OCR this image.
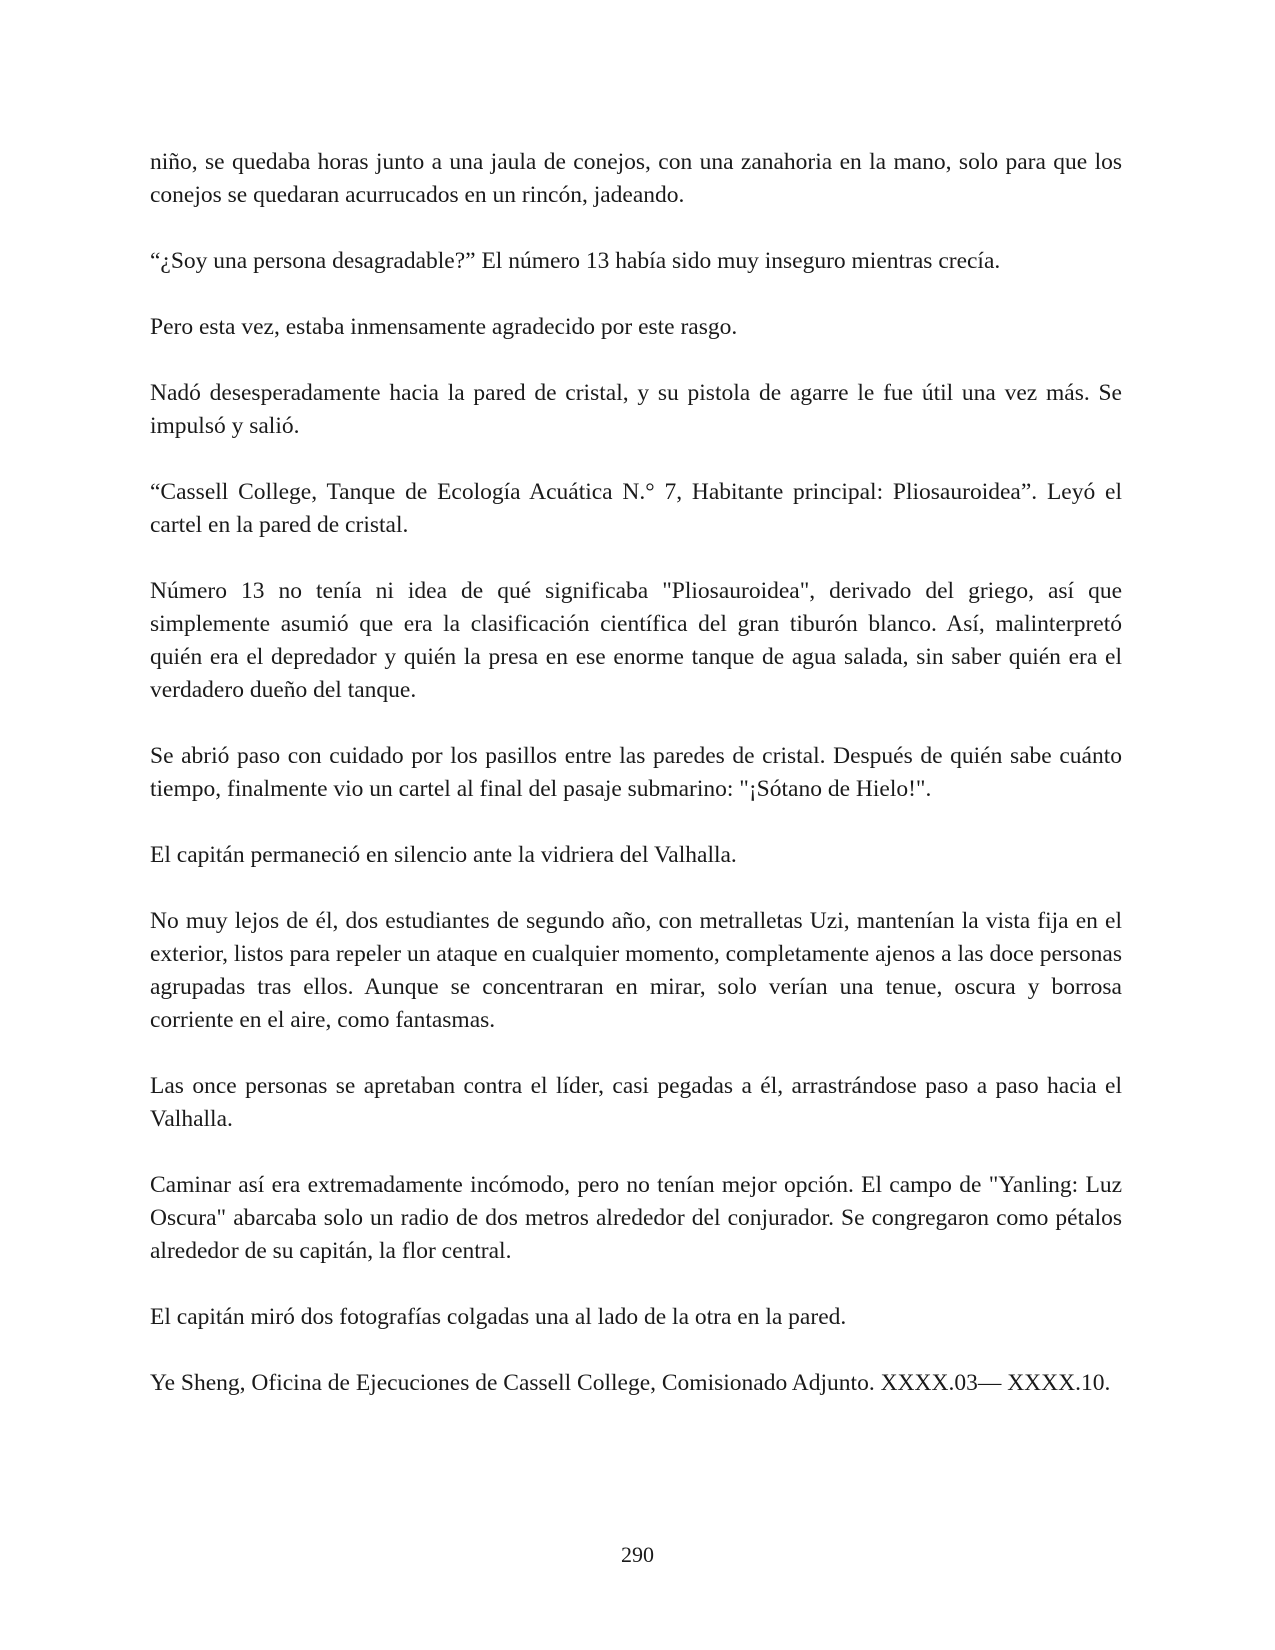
niño, se quedaba horas junto a una jaula de conejos, con una zanahoria en la mano, solo para que los conejos se quedaran acurrucados en un rincón, jadeando.

“¿Soy una persona desagradable?” El número 13 había sido muy inseguro mientras crecía.

Pero esta vez, estaba inmensamente agradecido por este rasgo.

Nadó desesperadamente hacia la pared de cristal, y su pistola de agarre le fue útil una vez más. Se impulsó y salió.

“Cassell College, Tanque de Ecología Acuática N.° 7, Habitante principal: Pliosauroidea”. Leyó el cartel en la pared de cristal.

Número 13 no tenía ni idea de qué significaba "Pliosauroidea", derivado del griego, así que simplemente asumió que era la clasificación científica del gran tiburón blanco. Así, malinterpretó quién era el depredador y quién la presa en ese enorme tanque de agua salada, sin saber quién era el verdadero dueño del tanque.

Se abrió paso con cuidado por los pasillos entre las paredes de cristal. Después de quién sabe cuánto tiempo, finalmente vio un cartel al final del pasaje submarino: "¡Sótano de Hielo!".

El capitán permaneció en silencio ante la vidriera del Valhalla.

No muy lejos de él, dos estudiantes de segundo año, con metralletas Uzi, mantenían la vista fija en el exterior, listos para repeler un ataque en cualquier momento, completamente ajenos a las doce personas agrupadas tras ellos. Aunque se concentraran en mirar, solo verían una tenue, oscura y borrosa corriente en el aire, como fantasmas.

Las once personas se apretaban contra el líder, casi pegadas a él, arrastrándose paso a paso hacia el Valhalla.

Caminar así era extremadamente incómodo, pero no tenían mejor opción. El campo de "Yanling: Luz Oscura" abarcaba solo un radio de dos metros alrededor del conjurador. Se congregaron como pétalos alrededor de su capitán, la flor central.

El capitán miró dos fotografías colgadas una al lado de la otra en la pared.

Ye Sheng, Oficina de Ejecuciones de Cassell College, Comisionado Adjunto. XXXX.03— XXXX.10.

290
